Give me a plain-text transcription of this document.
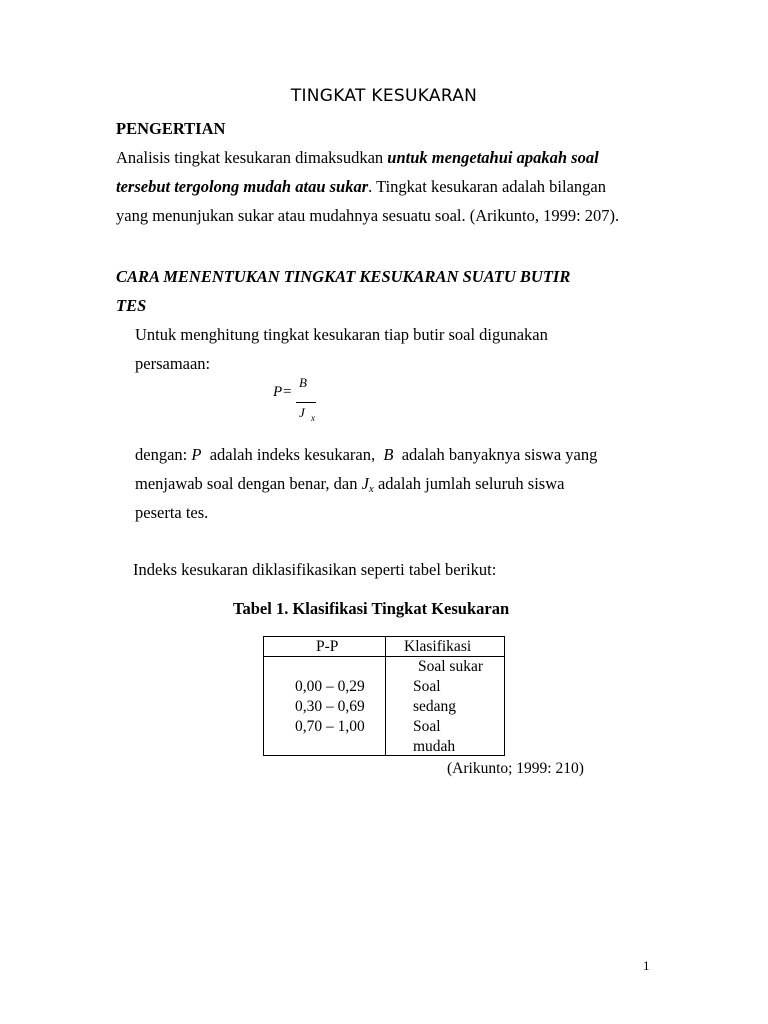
TINGKAT KESUKARAN
PENGERTIAN
Analisis tingkat kesukaran dimaksudkan untuk mengetahui apakah soal
tersebut tergolong mudah atau sukar. Tingkat kesukaran adalah bilangan
yang menunjukan sukar atau mudahnya sesuatu soal. (Arikunto, 1999: 207).
CARA MENENTUKAN TINGKAT KESUKARAN SUATU BUTIR
TES
Untuk menghitung tingkat kesukaran tiap butir soal digunakan
persamaan:
P=
B
J x
dengan: P  adalah indeks kesukaran,  B  adalah banyaknya siswa yang
menjawab soal dengan benar, dan Jx adalah jumlah seluruh siswa
peserta tes.
Indeks kesukaran diklasifikasikan seperti tabel berikut:
Tabel 1. Klasifikasi Tingkat Kesukaran
P-P	Klasifikasi
0,00 – 0,29
0,30 – 0,69
0,70 – 1,00
Soal sukar
Soal
sedang
Soal
mudah
(Arikunto; 1999: 210)
1
